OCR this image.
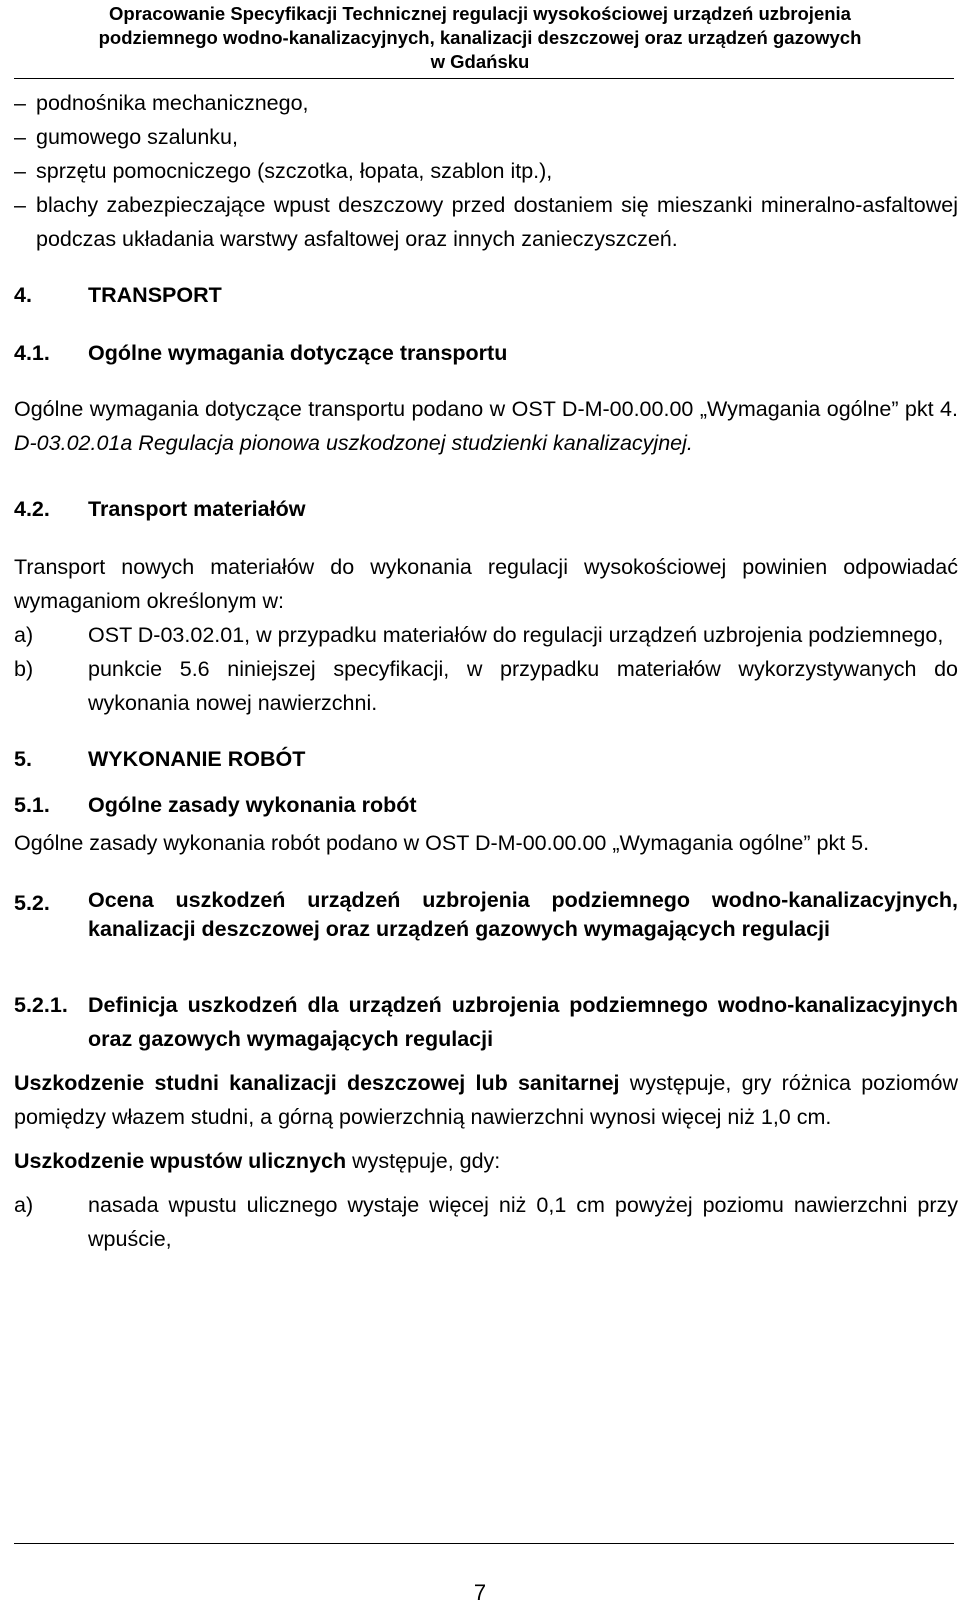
Opracowanie Specyfikacji Technicznej regulacji wysokościowej urządzeń uzbrojenia
podziemnego wodno-kanalizacyjnych, kanalizacji deszczowej oraz urządzeń gazowych
w Gdańsku
– podnośnika mechanicznego,
– gumowego szalunku,
– sprzętu pomocniczego (szczotka, łopata, szablon itp.),
– blachy zabezpieczające wpust deszczowy przed dostaniem się mieszanki mineralno-asfaltowej podczas układania warstwy asfaltowej oraz innych zanieczyszczeń.
4.	TRANSPORT
4.1.	Ogólne wymagania dotyczące transportu

Ogólne wymagania dotyczące transportu podano w OST D-M-00.00.00 „Wymagania ogólne” pkt 4. D-03.02.01a Regulacja pionowa uszkodzonej studzienki kanalizacyjnej.

4.2.	Transport materiałów

Transport nowych materiałów do wykonania regulacji wysokościowej powinien odpowiadać wymaganiom określonym w:

a)	OST D-03.02.01, w przypadku materiałów do regulacji urządzeń uzbrojenia podziemnego,
b)	punkcie 5.6 niniejszej specyfikacji, w przypadku materiałów wykorzystywanych do wykonania nowej nawierzchni.
5.	WYKONANIE ROBÓT
5.1.	Ogólne zasady wykonania robót

Ogólne zasady wykonania robót podano w OST D-M-00.00.00 „Wymagania ogólne” pkt 5.

5.2.	Ocena uszkodzeń urządzeń uzbrojenia podziemnego wodno-kanalizacyjnych, kanalizacji deszczowej oraz urządzeń gazowych wymagających regulacji
5.2.1. Definicja uszkodzeń dla urządzeń uzbrojenia podziemnego wodno-kanalizacyjnych oraz gazowych wymagających regulacji

Uszkodzenie studni kanalizacji deszczowej lub sanitarnej występuje, gry różnica poziomów pomiędzy włazem studni, a górną powierzchnią nawierzchni wynosi więcej niż 1,0 cm.

Uszkodzenie wpustów ulicznych występuje, gdy:

a)	nasada wpustu ulicznego wystaje więcej niż 0,1 cm powyżej poziomu nawierzchni przy wpuście,
7
